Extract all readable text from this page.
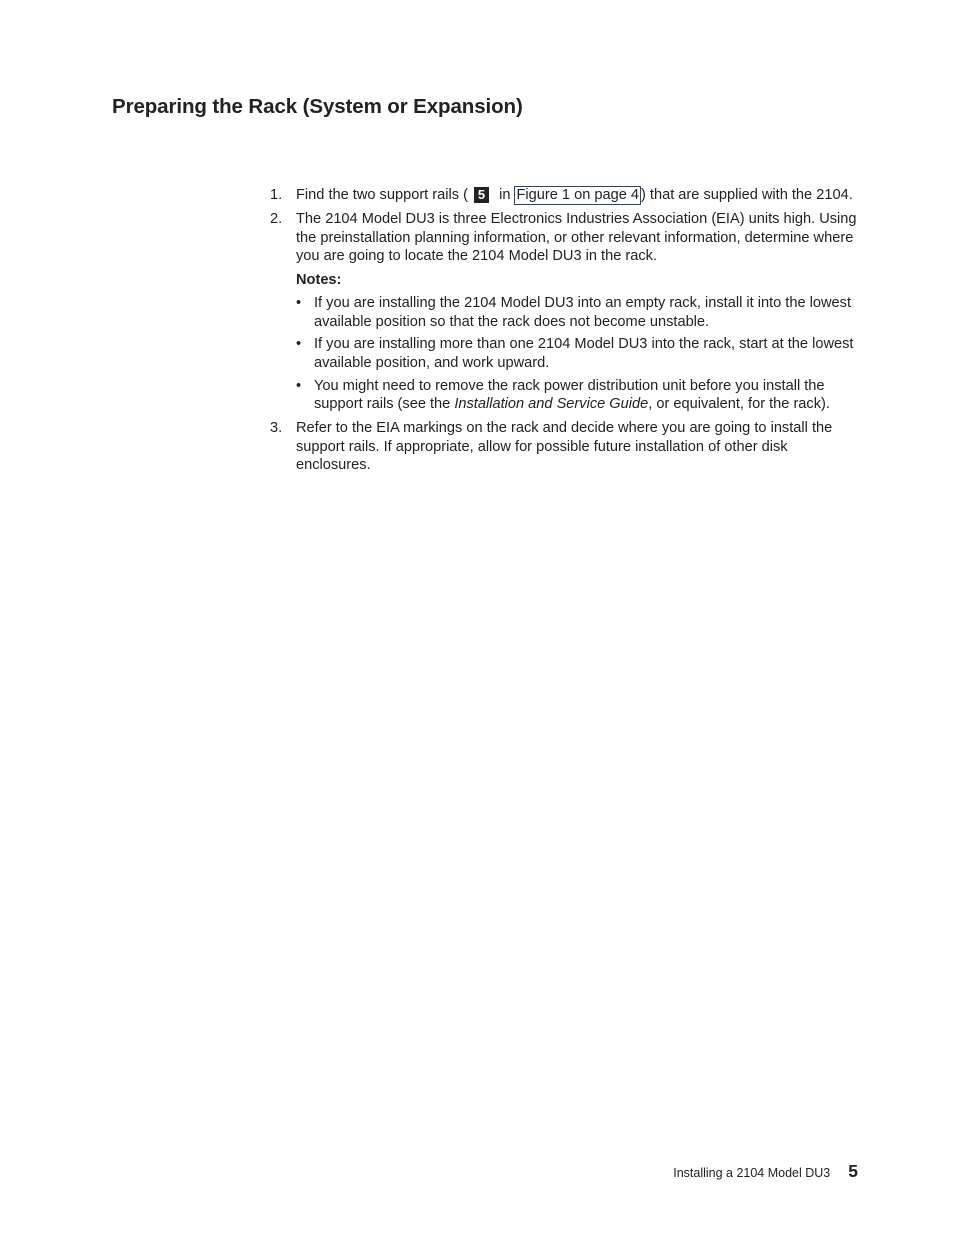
Preparing the Rack (System or Expansion)
1. Find the two support rails ( 5 in Figure 1 on page 4 ) that are supplied with the 2104.
2. The 2104 Model DU3 is three Electronics Industries Association (EIA) units high. Using the preinstallation planning information, or other relevant information, determine where you are going to locate the 2104 Model DU3 in the rack.
Notes:
• If you are installing the 2104 Model DU3 into an empty rack, install it into the lowest available position so that the rack does not become unstable.
• If you are installing more than one 2104 Model DU3 into the rack, start at the lowest available position, and work upward.
• You might need to remove the rack power distribution unit before you install the support rails (see the Installation and Service Guide, or equivalent, for the rack).
3. Refer to the EIA markings on the rack and decide where you are going to install the support rails. If appropriate, allow for possible future installation of other disk enclosures.
Installing a 2104 Model DU3 5
